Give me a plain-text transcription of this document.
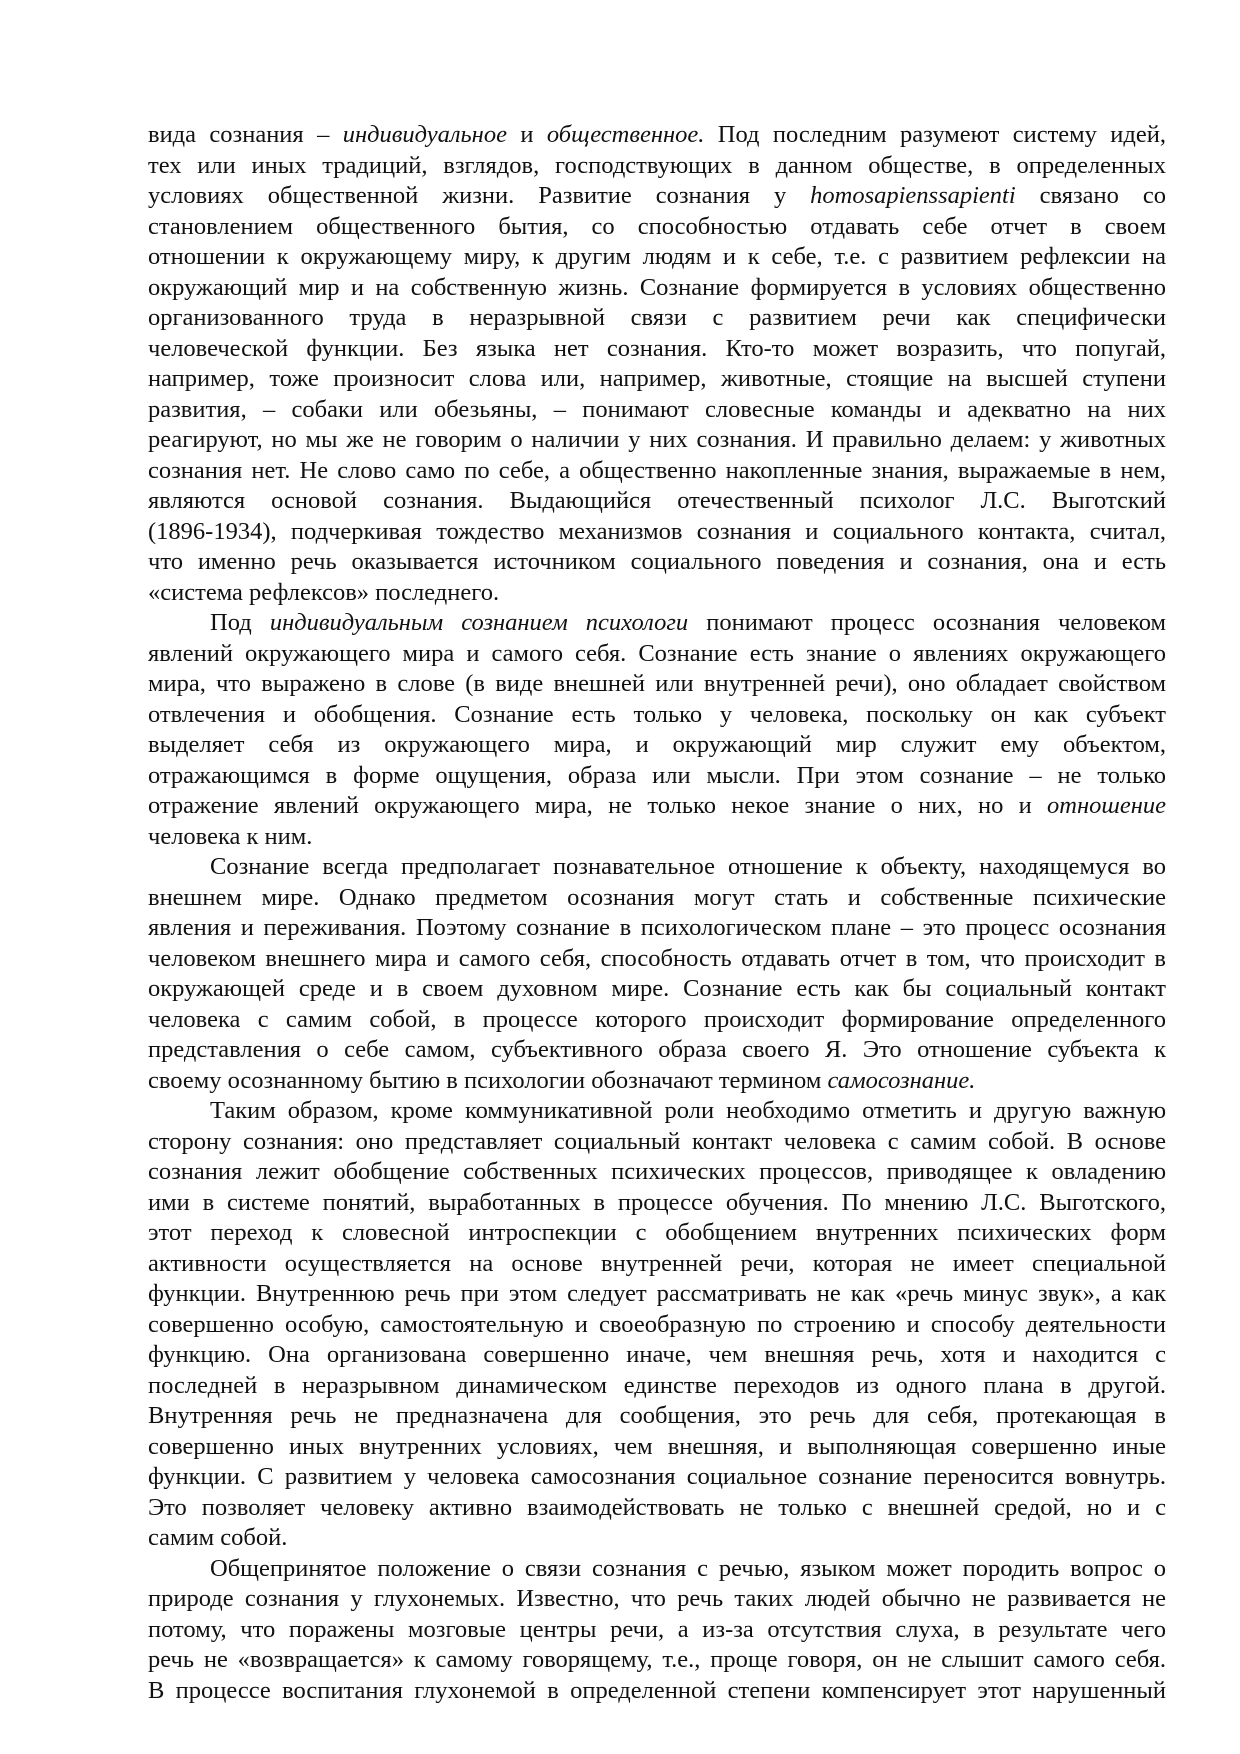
вида сознания – индивидуальное и общественное. Под последним разумеют систему идей,
тех или иных традиций, взглядов, господствующих в данном обществе, в определенных
условиях общественной жизни. Развитие сознания у homosapienssapienti связано со
становлением общественного бытия, со способностью отдавать себе отчет в своем
отношении к окружающему миру, к другим людям и к себе, т.е. с развитием рефлексии на
окружающий мир и на собственную жизнь. Сознание формируется в условиях общественно
организованного труда в неразрывной связи с развитием речи как специфически
человеческой функции. Без языка нет сознания. Кто-то может возразить, что попугай,
например, тоже произносит слова или, например, животные, стоящие на высшей ступени
развития, – собаки или обезьяны, – понимают словесные команды и адекватно на них
реагируют, но мы же не говорим о наличии у них сознания. И правильно делаем: у животных
сознания нет. Не слово само по себе, а общественно накопленные знания, выражаемые в нем,
являются основой сознания. Выдающийся отечественный психолог Л.С. Выготский
(1896-1934), подчеркивая тождество механизмов сознания и социального контакта, считал,
что именно речь оказывается источником социального поведения и сознания, она и есть
«система рефлексов» последнего.
Под индивидуальным сознанием психологи понимают процесс осознания человеком
явлений окружающего мира и самого себя. Сознание есть знание о явлениях окружающего
мира, что выражено в слове (в виде внешней или внутренней речи), оно обладает свойством
отвлечения и обобщения. Сознание есть только у человека, поскольку он как субъект
выделяет себя из окружающего мира, и окружающий мир служит ему объектом,
отражающимся в форме ощущения, образа или мысли. При этом сознание – не только
отражение явлений окружающего мира, не только некое знание о них, но и отношение
человека к ним.
Сознание всегда предполагает познавательное отношение к объекту, находящемуся во
внешнем мире. Однако предметом осознания могут стать и собственные психические
явления и переживания. Поэтому сознание в психологическом плане – это процесс осознания
человеком внешнего мира и самого себя, способность отдавать отчет в том, что происходит в
окружающей среде и в своем духовном мире. Сознание есть как бы социальный контакт
человека с самим собой, в процессе которого происходит формирование определенного
представления о себе самом, субъективного образа своего Я. Это отношение субъекта к
своему осознанному бытию в психологии обозначают термином самосознание.
Таким образом, кроме коммуникативной роли необходимо отметить и другую важную
сторону сознания: оно представляет социальный контакт человека с самим собой. В основе
сознания лежит обобщение собственных психических процессов, приводящее к овладению
ими в системе понятий, выработанных в процессе обучения. По мнению Л.С. Выготского,
этот переход к словесной интроспекции с обобщением внутренних психических форм
активности осуществляется на основе внутренней речи, которая не имеет специальной
функции. Внутреннюю речь при этом следует рассматривать не как «речь минус звук», а как
совершенно особую, самостоятельную и своеобразную по строению и способу деятельности
функцию. Она организована совершенно иначе, чем внешняя речь, хотя и находится с
последней в неразрывном динамическом единстве переходов из одного плана в другой.
Внутренняя речь не предназначена для сообщения, это речь для себя, протекающая в
совершенно иных внутренних условиях, чем внешняя, и выполняющая совершенно иные
функции. С развитием у человека самосознания социальное сознание переносится вовнутрь.
Это позволяет человеку активно взаимодействовать не только с внешней средой, но и с
самим собой.
Общепринятое положение о связи сознания с речью, языком может породить вопрос о
природе сознания у глухонемых. Известно, что речь таких людей обычно не развивается не
потому, что поражены мозговые центры речи, а из-за отсутствия слуха, в результате чего
речь не «возвращается» к самому говорящему, т.е., проще говоря, он не слышит самого себя.
В процессе воспитания глухонемой в определенной степени компенсирует этот нарушенный
